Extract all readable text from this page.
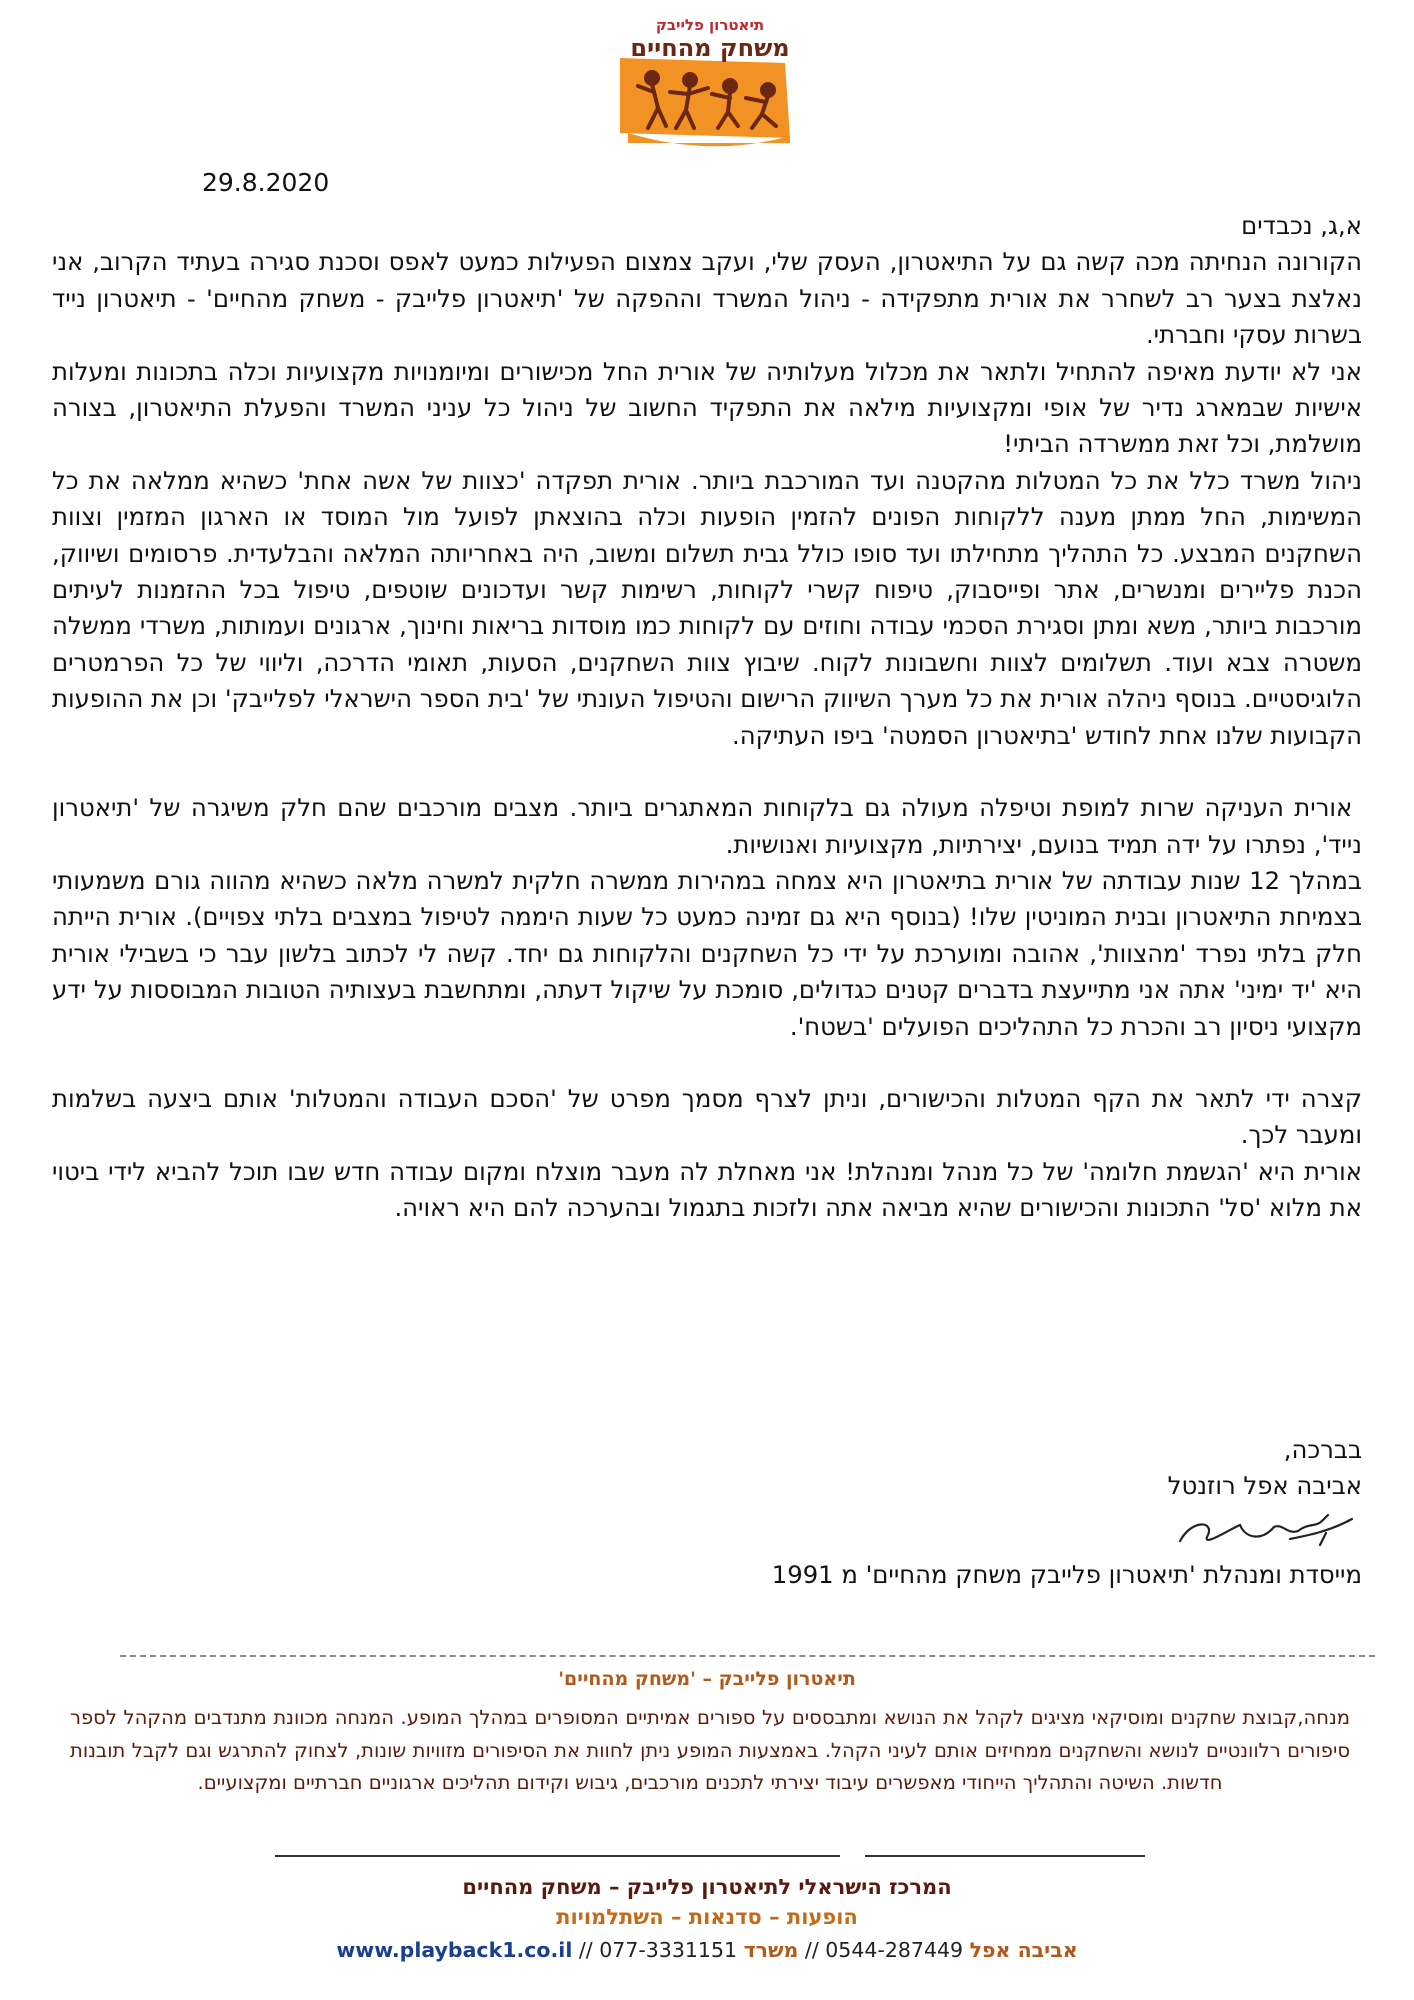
תיאטרון פלייבק
משחק מהחיים
29.8.2020

א,ג, נכבדים

הקורונה הנחיתה מכה קשה גם על התיאטרון, העסק שלי, ועקב צמצום הפעילות כמעט לאפס וסכנת סגירה בעתיד הקרוב, אני נאלצת בצער רב לשחרר את אורית מתפקידה - ניהול המשרד וההפקה של 'תיאטרון פלייבק - משחק מהחיים' - תיאטרון נייד בשרות עסקי וחברתי.

אני לא יודעת מאיפה להתחיל ולתאר את מכלול מעלותיה של אורית החל מכישורים ומיומנויות מקצועיות וכלה בתכונות ומעלות אישיות שבמארג נדיר של אופי ומקצועיות מילאה את התפקיד החשוב של ניהול כל עניני המשרד והפעלת התיאטרון, בצורה מושלמת, וכל זאת ממשרדה הביתי!

ניהול משרד כלל את כל המטלות מהקטנה ועד המורכבת ביותר. אורית תפקדה 'כצוות של אשה אחת' כשהיא ממלאה את כל המשימות, החל ממתן מענה ללקוחות הפונים להזמין הופעות וכלה בהוצאתן לפועל מול המוסד או הארגון המזמין וצוות השחקנים המבצע. כל התהליך מתחילתו ועד סופו כולל גבית תשלום ומשוב, היה באחריותה המלאה והבלעדית. פרסומים ושיווק, הכנת פליירים ומנשרים, אתר ופייסבוק, טיפוח קשרי לקוחות, רשימות קשר ועדכונים שוטפים, טיפול בכל ההזמנות לעיתים מורכבות ביותר, משא ומתן וסגירת הסכמי עבודה וחוזים עם לקוחות כמו מוסדות בריאות וחינוך, ארגונים ועמותות, משרדי ממשלה משטרה צבא ועוד. תשלומים לצוות וחשבונות לקוח. שיבוץ צוות השחקנים, הסעות, תאומי הדרכה, וליווי של כל הפרמטרים הלוגיסטיים. בנוסף ניהלה אורית את כל מערך השיווק הרישום והטיפול העונתי של 'בית הספר הישראלי לפלייבק' וכן את ההופעות הקבועות שלנו אחת לחודש 'בתיאטרון הסמטה' ביפו העתיקה.

אורית העניקה שרות למופת וטיפלה מעולה גם בלקוחות המאתגרים ביותר. מצבים מורכבים שהם חלק משיגרה של 'תיאטרון נייד', נפתרו על ידה תמיד בנועם, יצירתיות, מקצועיות ואנושיות.

במהלך 12 שנות עבודתה של אורית בתיאטרון היא צמחה במהירות ממשרה חלקית למשרה מלאה כשהיא מהווה גורם משמעותי בצמיחת התיאטרון ובנית המוניטין שלו! (בנוסף היא גם זמינה כמעט כל שעות היממה לטיפול במצבים בלתי צפויים). אורית הייתה חלק בלתי נפרד 'מהצוות', אהובה ומוערכת על ידי כל השחקנים והלקוחות גם יחד. קשה לי לכתוב בלשון עבר כי בשבילי אורית היא 'יד ימיני' אתה אני מתייעצת בדברים קטנים כגדולים, סומכת על שיקול דעתה, ומתחשבת בעצותיה הטובות המבוססות על ידע מקצועי ניסיון רב והכרת כל התהליכים הפועלים 'בשטח'.

קצרה ידי לתאר את הקף המטלות והכישורים, וניתן לצרף מסמך מפרט של 'הסכם העבודה והמטלות' אותם ביצעה בשלמות ומעבר לכך.

אורית היא 'הגשמת חלומה' של כל מנהל ומנהלת! אני מאחלת לה מעבר מוצלח ומקום עבודה חדש שבו תוכל להביא לידי ביטוי את מלוא 'סל' התכונות והכישורים שהיא מביאה אתה ולזכות בתגמול ובהערכה להם היא ראויה.

בברכה,
אביבה אפל רוזנטל
מייסדת ומנהלת 'תיאטרון פלייבק משחק מהחיים' מ 1991
תיאטרון פלייבק – 'משחק מהחיים'
מנחה,קבוצת שחקנים ומוסיקאי מציגים לקהל את הנושא ומתבססים על ספורים אמיתיים המסופרים במהלך המופע. המנחה מכוונת מתנדבים מהקהל לספר סיפורים רלוונטיים לנושא והשחקנים ממחיזים אותם לעיני הקהל. באמצעות המופע ניתן לחוות את הסיפורים מזוויות שונות, לצחוק להתרגש וגם לקבל תובנות חדשות. השיטה והתהליך הייחודי מאפשרים עיבוד יצירתי לתכנים מורכבים, גיבוש וקידום תהליכים ארגוניים חברתיים ומקצועיים.
המרכז הישראלי לתיאטרון פלייבק – משחק מהחיים
הופעות – סדנאות – השתלמויות
www.playback1.co.il //	אביבה אפל 0544-287449 // משרד 077-3331151
